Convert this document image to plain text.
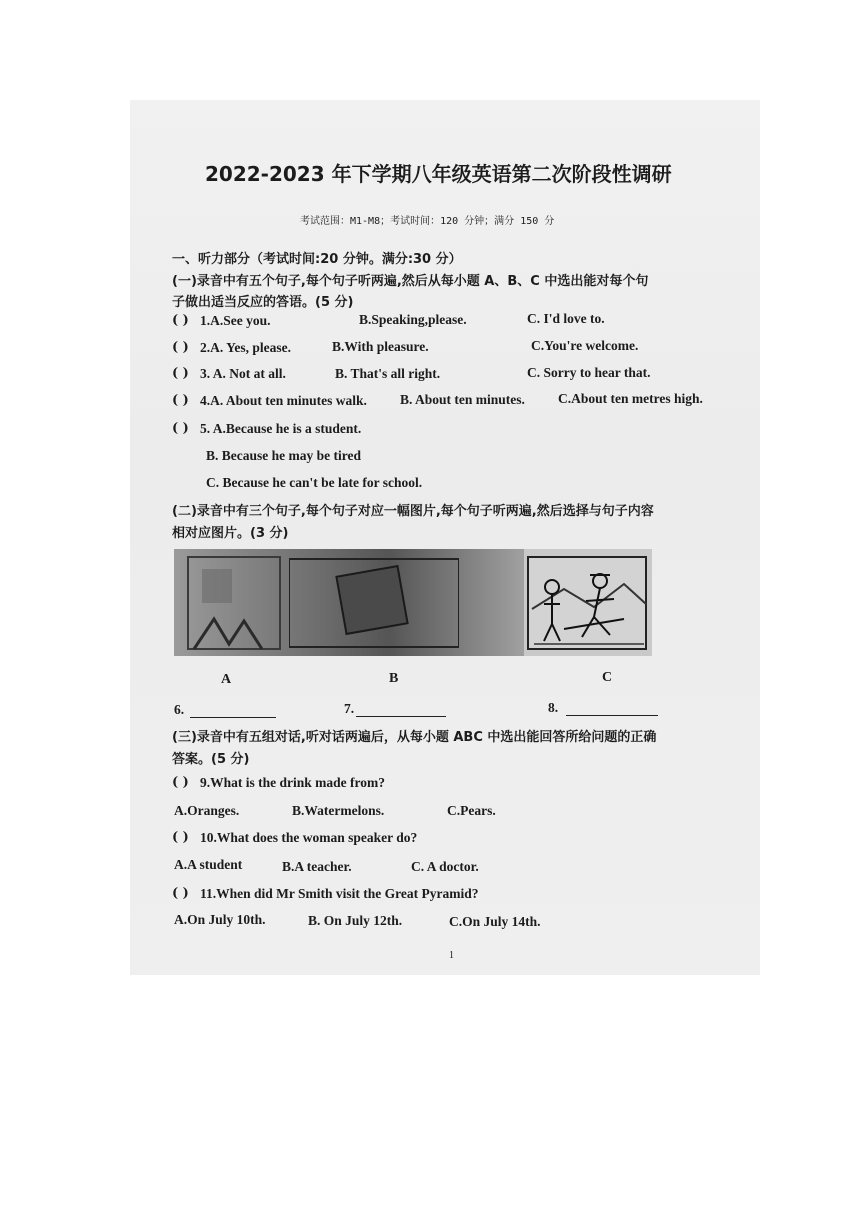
2022-2023 年下学期八年级英语第二次阶段性调研
考试范围：M1-M8；考试时间：120 分钟；满分 150 分
一、听力部分（考试时间:20 分钟。满分:30 分）
(一)录音中有五个句子,每个句子听两遍,然后从每小题 A、B、C 中选出能对每个句
子做出适当反应的答语。(5 分)
( ) 1.A.See you.	B.Speaking,please.	C. I'd love to.
( ) 2.A. Yes, please.	B.With pleasure.	C.You're welcome.
( ) 3. A. Not at all.	B. That's all right.	C. Sorry to hear that.
( ) 4.A. About ten minutes walk. B. About ten minutes. C.About ten metres high.
( ) 5. A.Because he is a student.
B. Because he may be tired
C. Because he can't be late for school.
(二)录音中有三个句子,每个句子对应一幅图片,每个句子听两遍,然后选择与句子内容
相对应图片。(3 分)
A	B	C
6.	7.	8.
(三)录音中有五组对话,听对话两遍后，从每小题 ABC 中选出能回答所给问题的正确
答案。(5 分)
( ) 9.What is the drink made from?
A.Oranges.	B.Watermelons.	C.Pears.
( ) 10.What does the woman speaker do?
A.A student	B.A teacher.	C. A doctor.
( ) 11.When did Mr Smith visit the Great Pyramid?
A.On July 10th.	B. On July 12th.	C.On July 14th.
1
